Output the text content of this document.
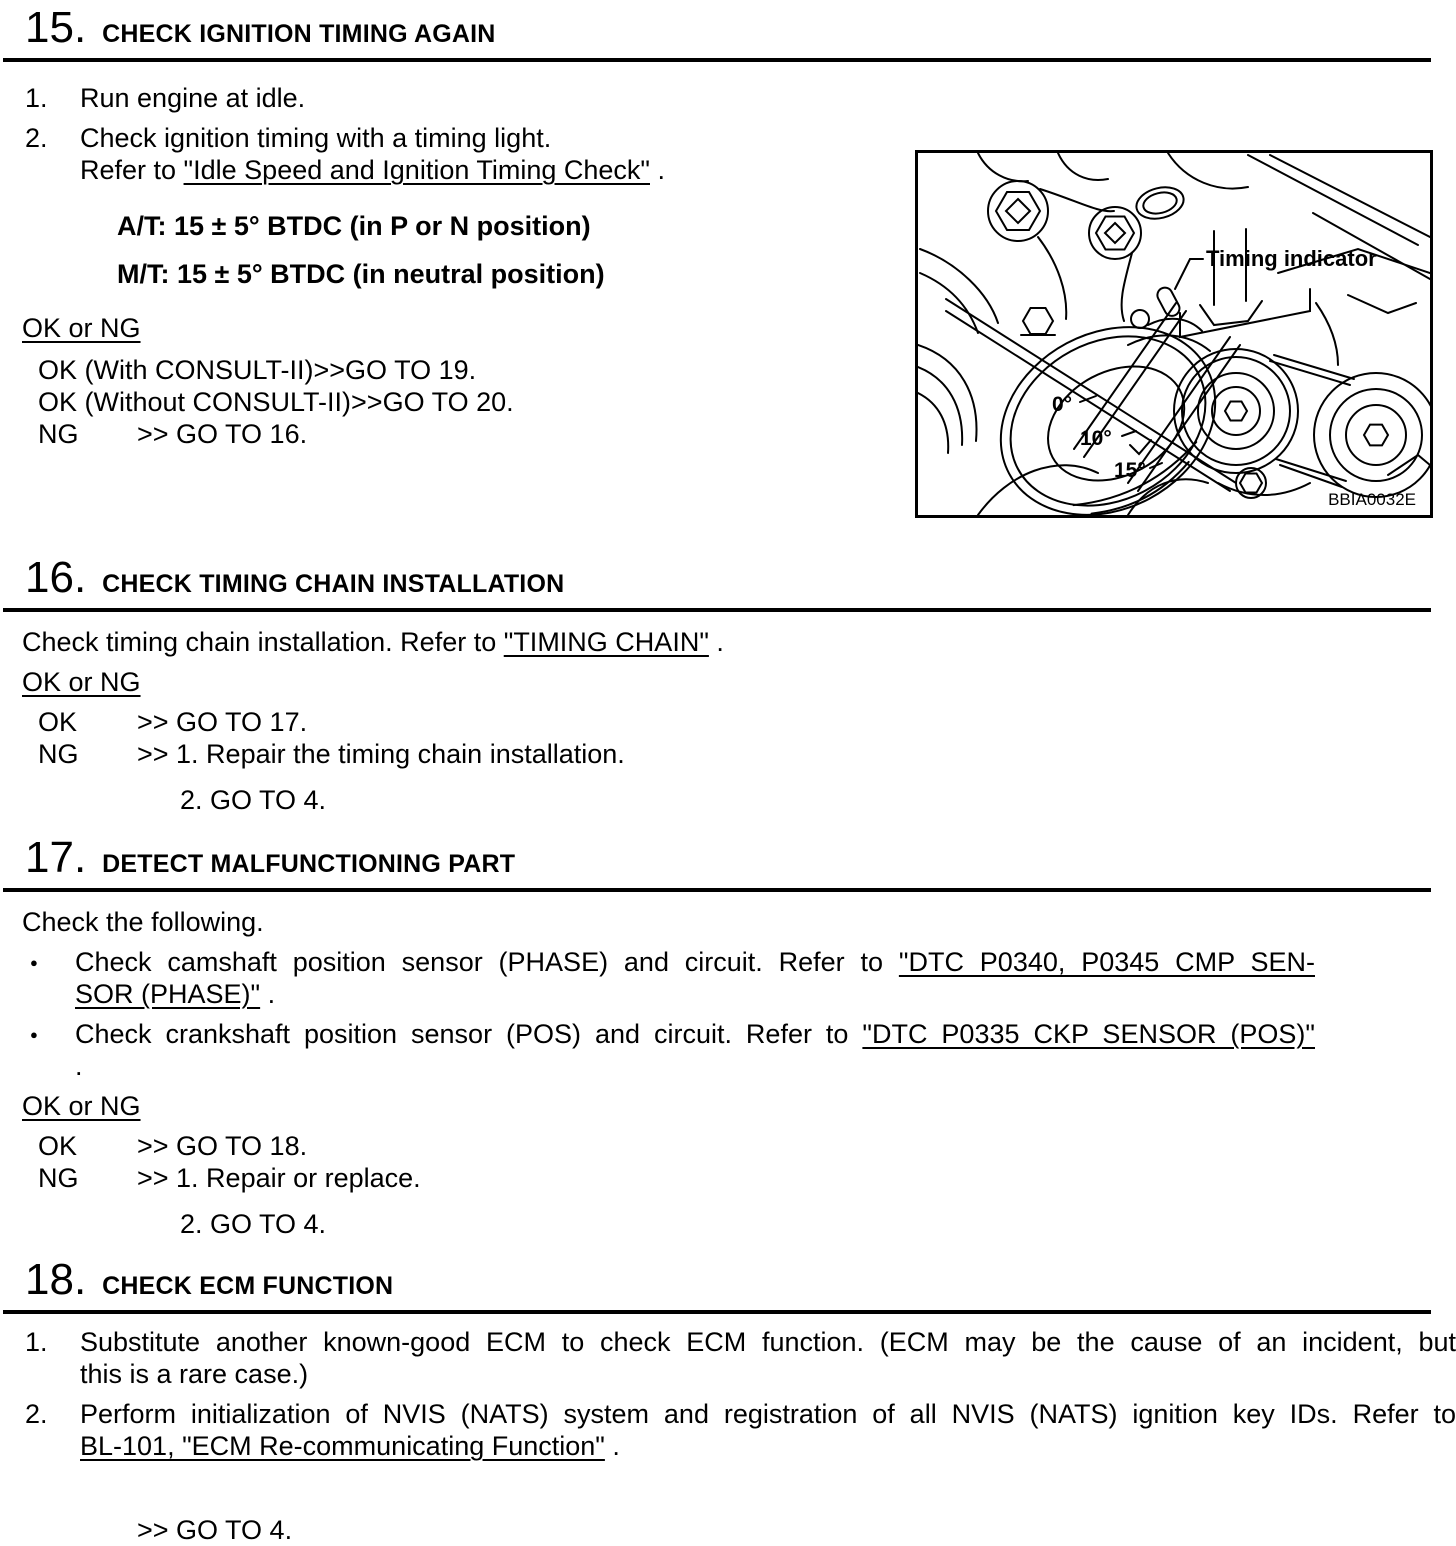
15. CHECK IGNITION TIMING AGAIN
1.	Run engine at idle.
2.	Check ignition timing with a timing light.
Refer to "Idle Speed and Ignition Timing Check" .
A/T: 15 ± 5° BTDC (in P or N position)
M/T: 15 ± 5° BTDC (in neutral position)
OK or NG
OK (With CONSULT-II)>>GO TO 19.
OK (Without CONSULT-II)>>GO TO 20.
NG	>> GO TO 16.
Timing indicator
0°
10°
15°
BBIA0032E
16. CHECK TIMING CHAIN INSTALLATION
Check timing chain installation. Refer to "TIMING CHAIN" .
OK or NG
OK	>> GO TO 17.
NG	>> 1. Repair the timing chain installation.
2. GO TO 4.
17. DETECT MALFUNCTIONING PART
Check the following.
●	Check camshaft position sensor (PHASE) and circuit. Refer to "DTC P0340, P0345 CMP SEN-
SOR (PHASE)" .
●	Check crankshaft position sensor (POS) and circuit. Refer to "DTC P0335 CKP SENSOR (POS)"
.
OK or NG
OK	>> GO TO 18.
NG	>> 1. Repair or replace.
2. GO TO 4.
18. CHECK ECM FUNCTION
1.	Substitute another known-good ECM to check ECM function. (ECM may be the cause of an incident, but
this is a rare case.)
2.	Perform initialization of NVIS (NATS) system and registration of all NVIS (NATS) ignition key IDs. Refer to
BL-101, "ECM Re-communicating Function" .
>> GO TO 4.
